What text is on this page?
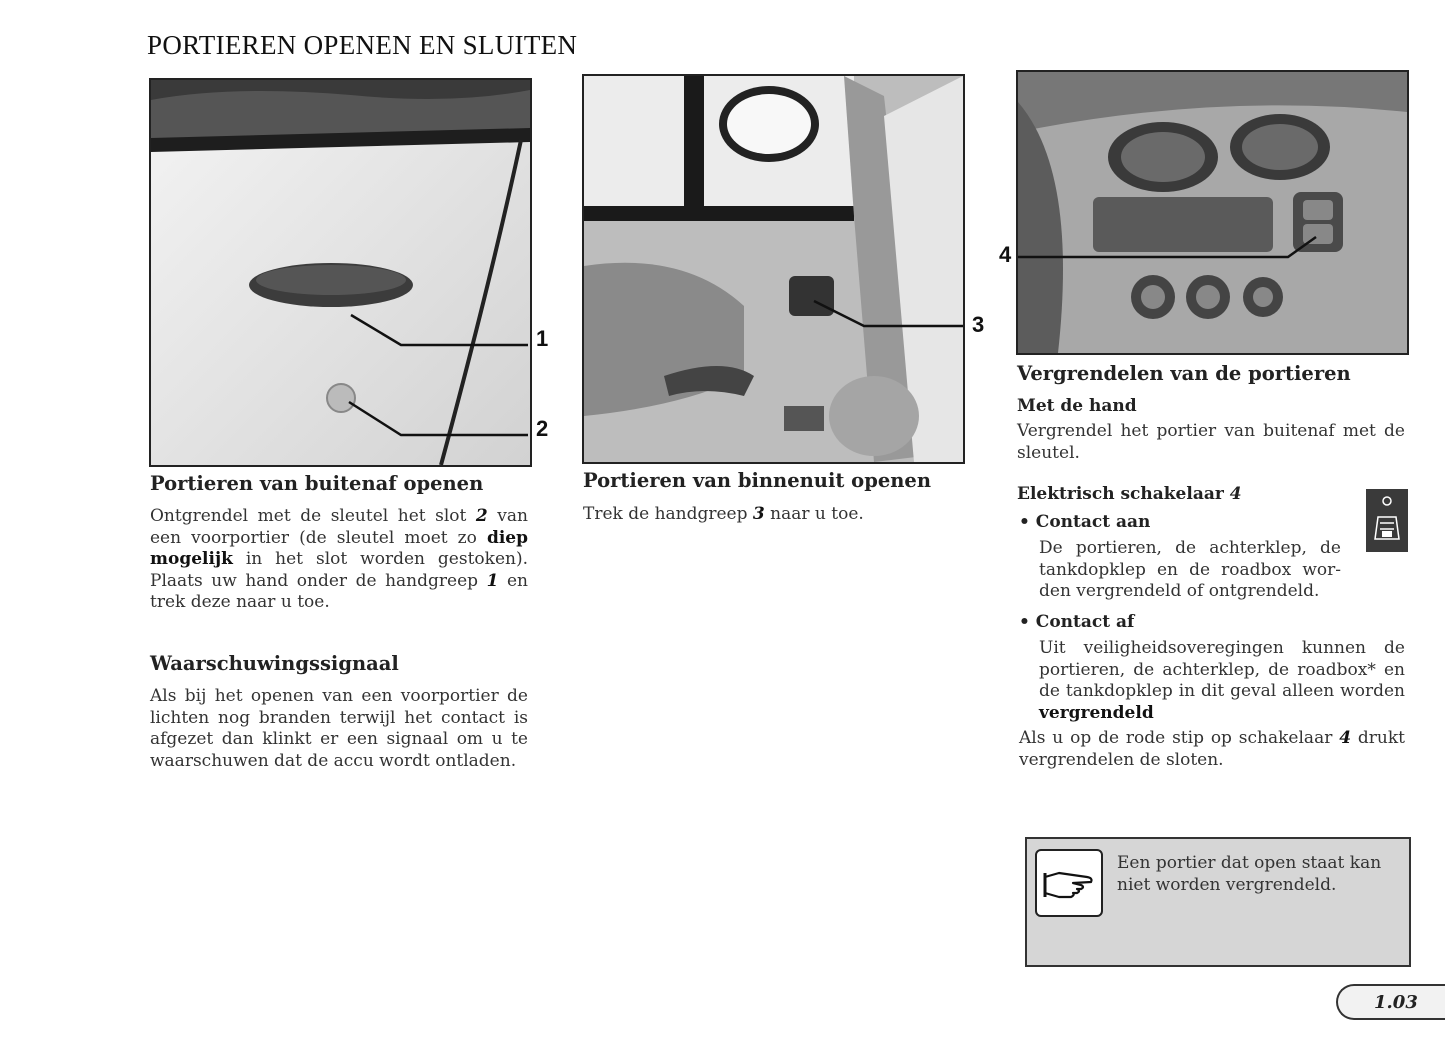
PORTIEREN OPENEN EN SLUITEN
1
2
3
4
Portieren van buitenaf openen

Ontgrendel met de sleutel het slot 2 van een voorportier (de sleutel moet zo diep mogelijk in het slot worden gestoken). Plaats uw hand onder de handgreep 1 en trek deze naar u toe.

Waarschuwingssignaal

Als bij het openen van een voorportier de lichten nog branden terwijl het contact is afgezet dan klinkt er een signaal om u te waarschuwen dat de accu wordt ontladen.

Portieren van binnenuit openen

Trek de handgreep 3 naar u toe.

Vergrendelen van de portieren
Met de hand

Vergrendel het portier van buitenaf met de sleutel.

Elektrisch schakelaar 4
• Contact aan

De portieren, de achterklep, de tankdopklep en de roadbox wor-den vergrendeld of ontgrendeld.

• Contact af

Uit veiligheidsoveregingen kunnen de portieren, de achterklep, de roadbox* en de tankdopklep in dit geval alleen worden vergrendeld

Als u op de rode stip op schakelaar 4 drukt vergrendelen de sloten.

Een portier dat open staat kan niet worden vergrendeld.
1.03
